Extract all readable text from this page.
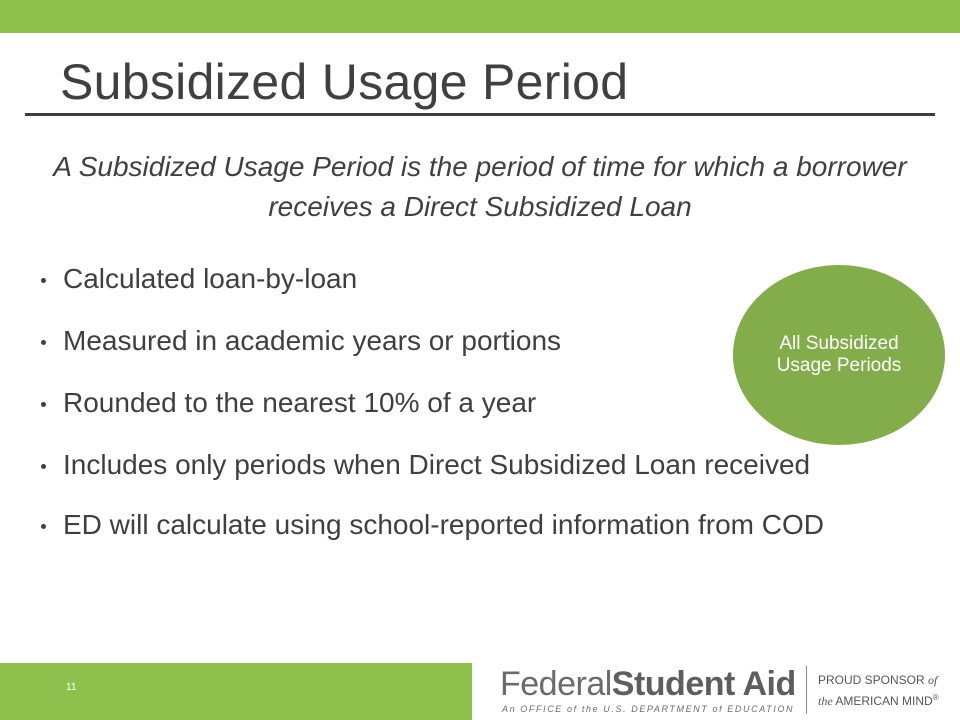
Subsidized Usage Period
A Subsidized Usage Period is the period of time for which a borrower receives a Direct Subsidized Loan
Calculated loan-by-loan
Measured in academic years or portions
Rounded to the nearest 10% of a year
Includes only periods when Direct Subsidized Loan received
ED will calculate using school-reported information from COD
All Subsidized Usage Periods
11	FederalStudent Aid
An OFFICE of the U.S. DEPARTMENT of EDUCATION
PROUD SPONSOR of
the AMERICAN MIND®
